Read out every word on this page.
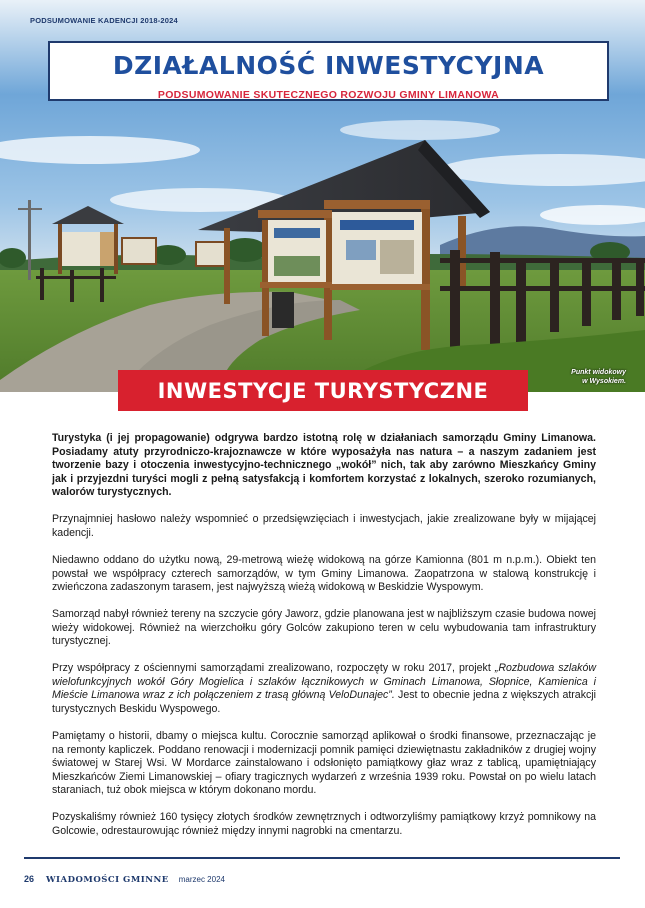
PODSUMOWANIE KADENCJI 2018-2024
DZIAŁALNOŚĆ INWESTYCYJNA
PODSUMOWANIE SKUTECZNEGO ROZWOJU GMINY LIMANOWA
Punkt widokowy
w Wysokiem.
INWESTYCJE TURYSTYCZNE

Turystyka (i jej propagowanie) odgrywa bardzo istotną rolę w działaniach samorządu Gminy Limanowa. Posiadamy atuty przyrodniczo-krajoznawcze w które wyposażyła nas natura – a naszym zadaniem jest tworzenie bazy i otoczenia inwestycyjno-technicznego „wokół” nich, tak aby zarówno Mieszkańcy Gminy jak i przyjezdni turyści mogli z pełną satysfakcją i komfortem korzystać z lokalnych, szeroko rozumianych, walorów turystycznych.

Przynajmniej hasłowo należy wspomnieć o przedsięwzięciach i inwestycjach, jakie zrealizowane były w mijającej kadencji.

Niedawno oddano do użytku nową, 29-metrową wieżę widokową na górze Kamionna (801 m n.p.m.). Obiekt ten powstał we współpracy czterech samorządów, w tym Gminy Limanowa. Zaopatrzona w stalową konstrukcję i zwieńczona zadaszonym tarasem, jest najwyższą wieżą widokową w Beskidzie Wyspowym.

Samorząd nabył również tereny na szczycie góry Jaworz, gdzie planowana jest w najbliższym czasie budowa nowej wieży widokowej. Również na wierzchołku góry Golców zakupiono teren w celu wybudowania tam infrastruktury turystycznej.

Przy współpracy z ościennymi samorządami zrealizowano, rozpoczęty w roku 2017, projekt „Rozbudowa szlaków wielofunkcyjnych wokół Góry Mogielica i szlaków łącznikowych w Gminach Limanowa, Słopnice, Kamienica i Mieście Limanowa wraz z ich połączeniem z trasą główną VeloDunajec”. Jest to obecnie jedna z większych atrakcji turystycznych Beskidu Wyspowego.

Pamiętamy o historii, dbamy o miejsca kultu. Corocznie samorząd aplikował o środki finansowe, przeznaczając je na remonty kapliczek. Poddano renowacji i modernizacji pomnik pamięci dziewiętnastu zakładników z drugiej wojny światowej w Starej Wsi. W Mordarce zainstalowano i odsłonięto pamiątkowy głaz wraz z tablicą, upamiętniający Mieszkańców Ziemi Limanowskiej – ofiary tragicznych wydarzeń z września 1939 roku. Powstał on po wielu latach staraniach, tuż obok miejsca w którym dokonano mordu.

Pozyskaliśmy również 160 tysięcy złotych środków zewnętrznych i odtworzyliśmy pamiątkowy krzyż pomnikowy na Golcowie, odrestaurowując również między innymi nagrobki na cmentarzu.

26 WIADOMOŚCI GMINNE marzec 2024
